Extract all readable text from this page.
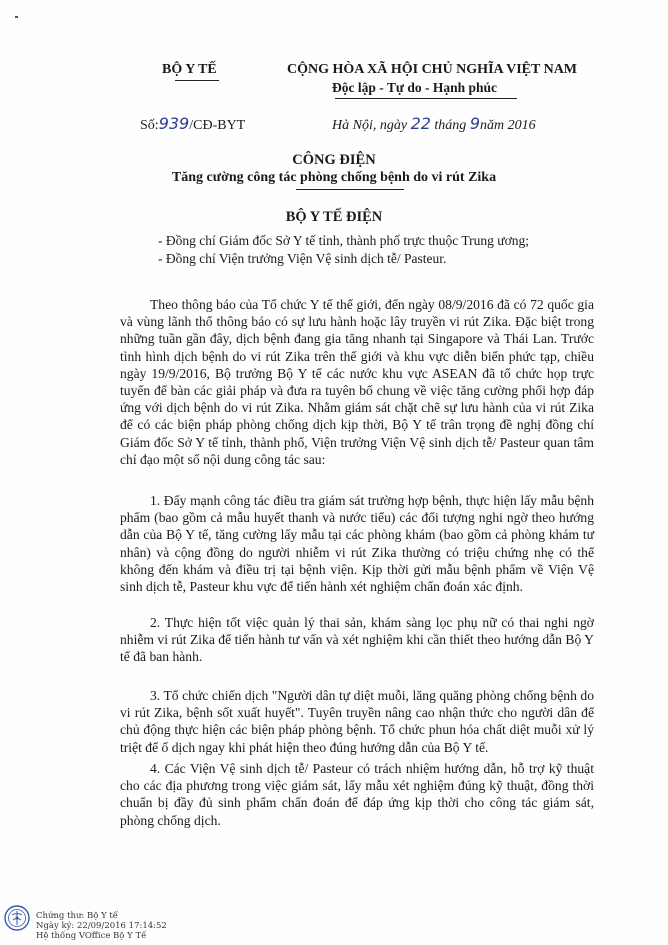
BỘ Y TẾ	CỘNG HÒA XÃ HỘI CHỦ NGHĨA VIỆT NAM
Độc lập - Tự do - Hạnh phúc
Số:939/CĐ-BYT	Hà Nội, ngày 22 tháng 9năm 2016
CÔNG ĐIỆN
Tăng cường công tác phòng chống bệnh do vi rút Zika
BỘ Y TẾ ĐIỆN
- Đồng chí Giám đốc Sở Y tế tỉnh, thành phố trực thuộc Trung ương;
- Đồng chí Viện trưởng Viện Vệ sinh dịch tễ/ Pasteur.
Theo thông báo của Tổ chức Y tế thế giới, đến ngày 08/9/2016 đã có 72 quốc gia và vùng lãnh thổ thông báo có sự lưu hành hoặc lây truyền vi rút Zika. Đặc biệt trong những tuần gần đây, dịch bệnh đang gia tăng nhanh tại Singapore và Thái Lan. Trước tình hình dịch bệnh do vi rút Zika trên thế giới và khu vực diễn biến phức tạp, chiều ngày 19/9/2016, Bộ trưởng Bộ Y tế các nước khu vực ASEAN đã tổ chức họp trực tuyến để bàn các giải pháp và đưa ra tuyên bố chung về việc tăng cường phối hợp đáp ứng với dịch bệnh do vi rút Zika. Nhằm giám sát chặt chẽ sự lưu hành của vi rút Zika để có các biện pháp phòng chống dịch kịp thời, Bộ Y tế trân trọng đề nghị đồng chí Giám đốc Sở Y tế tỉnh, thành phố, Viện trưởng Viện Vệ sinh dịch tễ/ Pasteur quan tâm chỉ đạo một số nội dung công tác sau:
1. Đẩy mạnh công tác điều tra giám sát trường hợp bệnh, thực hiện lấy mẫu bệnh phẩm (bao gồm cả mẫu huyết thanh và nước tiểu) các đối tượng nghi ngờ theo hướng dẫn của Bộ Y tế, tăng cường lấy mẫu tại các phòng khám (bao gồm cả phòng khám tư nhân) và cộng đồng do người nhiễm vi rút Zika thường có triệu chứng nhẹ có thể không đến khám và điều trị tại bệnh viện. Kịp thời gửi mẫu bệnh phẩm về Viện Vệ sinh dịch tễ, Pasteur khu vực để tiến hành xét nghiệm chẩn đoán xác định.
2. Thực hiện tốt việc quản lý thai sản, khám sàng lọc phụ nữ có thai nghi ngờ nhiễm vi rút Zika để tiến hành tư vấn và xét nghiệm khi cần thiết theo hướng dẫn Bộ Y tế đã ban hành.
3. Tổ chức chiến dịch "Người dân tự diệt muỗi, lăng quăng phòng chống bệnh do vi rút Zika, bệnh sốt xuất huyết". Tuyên truyền nâng cao nhận thức cho người dân để chủ động thực hiện các biện pháp phòng bệnh. Tổ chức phun hóa chất diệt muỗi xử lý triệt để ổ dịch ngay khi phát hiện theo đúng hướng dẫn của Bộ Y tế.
4. Các Viện Vệ sinh dịch tễ/ Pasteur có trách nhiệm hướng dẫn, hỗ trợ kỹ thuật cho các địa phương trong việc giám sát, lấy mẫu xét nghiệm đúng kỹ thuật, đồng thời chuẩn bị đầy đủ sinh phẩm chẩn đoán để đáp ứng kịp thời cho công tác giám sát, phòng chống dịch.
Chứng thư: Bộ Y tế
Ngày ký: 22/09/2016 17:14:52
Hệ thống VOffice Bộ Y Tế
